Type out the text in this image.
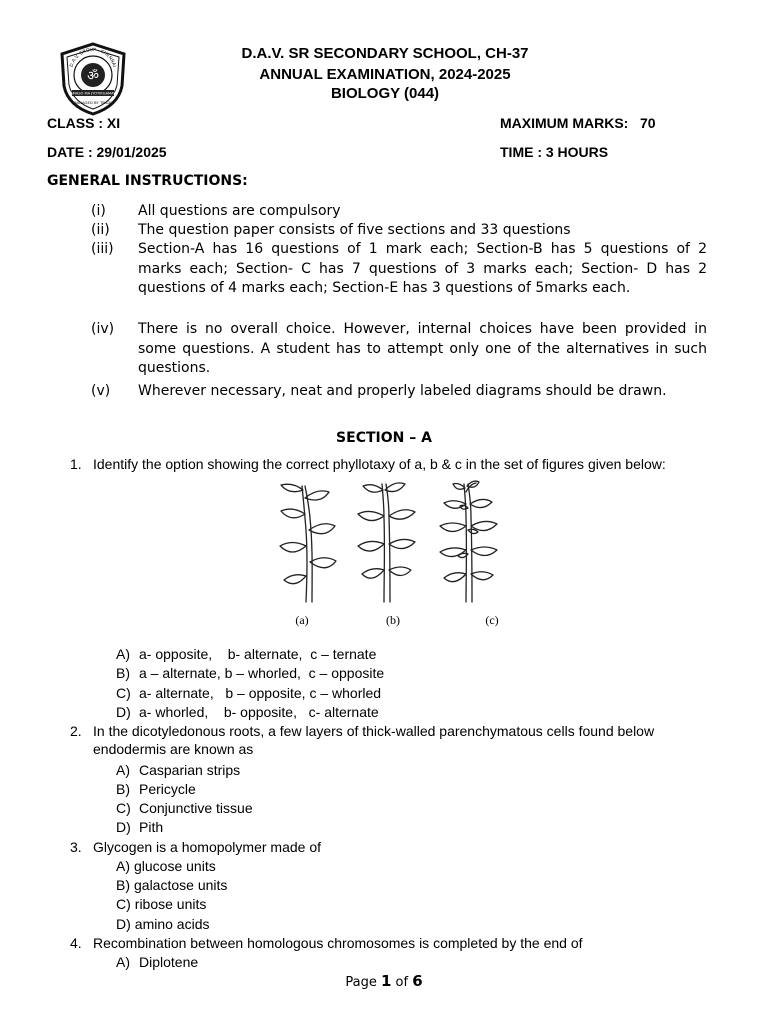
ॐ
D.A.V. GROUP - CHENNAI
TAMASO MA JYOTIRGAMAYA
MANAGED BY TRADS
D.A.V. SR SECONDARY SCHOOL, CH-37
ANNUAL EXAMINATION, 2024-2025
BIOLOGY (044)
CLASS : XI	MAXIMUM MARKS: 70
DATE : 29/01/2025	TIME : 3 HOURS
GENERAL INSTRUCTIONS:
(i) All questions are compulsory
(ii) The question paper consists of five sections and 33 questions
(iii) Section-A has 16 questions of 1 mark each; Section-B has 5 questions of 2 marks each; Section- C has 7 questions of 3 marks each; Section- D has 2 questions of 4 marks each; Section-E has 3 questions of 5marks each.
(iv) There is no overall choice. However, internal choices have been provided in some questions. A student has to attempt only one of the alternatives in such questions.
(v) Wherever necessary, neat and properly labeled diagrams should be drawn.
SECTION – A
1. Identify the option showing the correct phyllotaxy of a, b & c in the set of figures given below:
(a)	(b)	(c)
A) a- opposite,    b- alternate,  c – ternate
B) a – alternate, b – whorled,  c – opposite
C) a- alternate,   b – opposite, c – whorled
D) a- whorled,    b- opposite,   c- alternate
2. In the dicotyledonous roots, a few layers of thick-walled parenchymatous cells found below endodermis are known as
A) Casparian strips
B) Pericycle
C) Conjunctive tissue
D) Pith
3. Glycogen is a homopolymer made of
A) glucose units
B) galactose units
C) ribose units
D) amino acids
4. Recombination between homologous chromosomes is completed by the end of
A) Diplotene
Page 1 of 6
